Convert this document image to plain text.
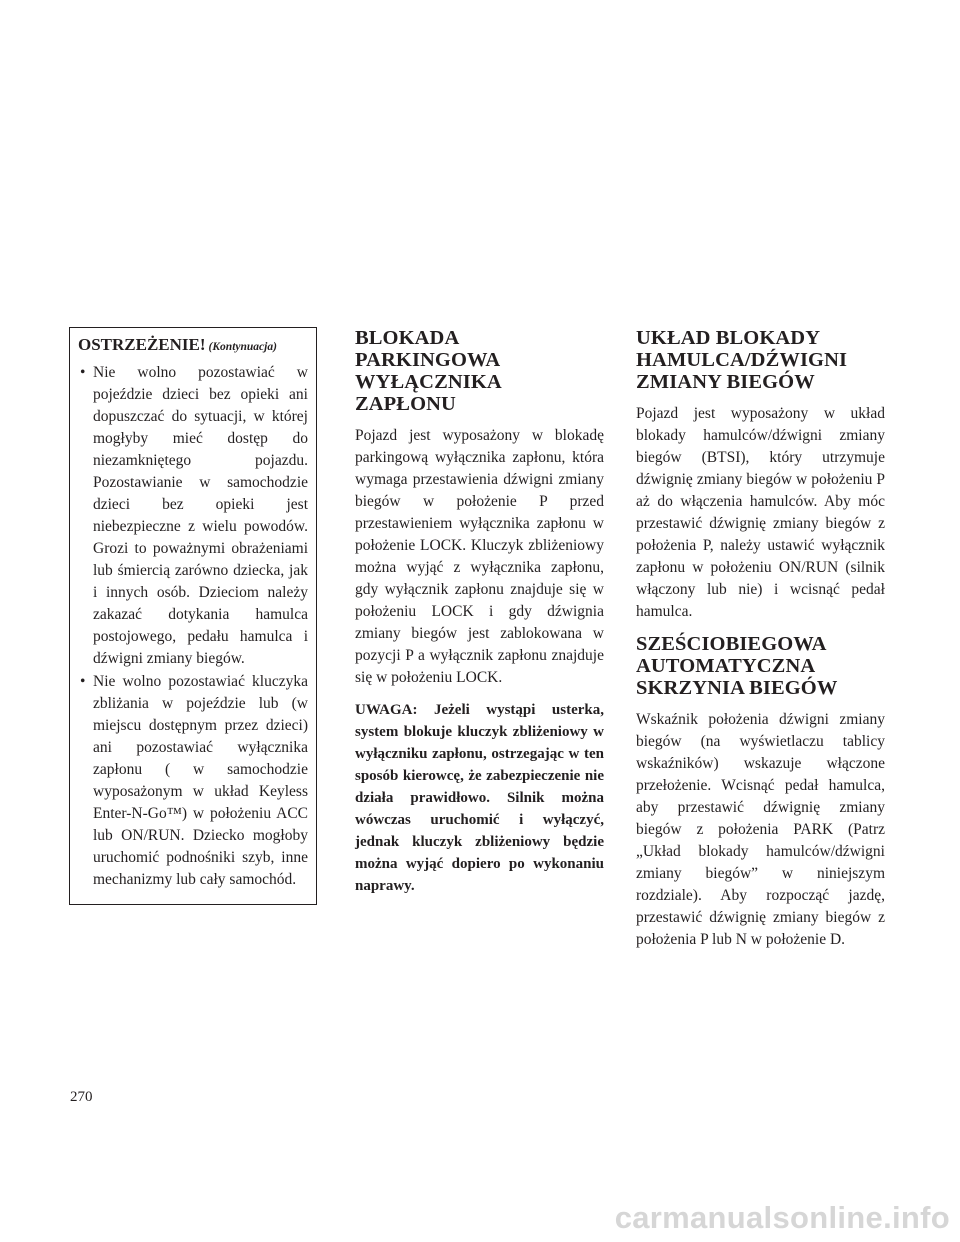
OSTRZEŻENIE! (Kontynuacja)
• Nie wolno pozostawiać w pojeździe dzieci bez opieki ani dopuszczać do sytuacji, w której mogłyby mieć dostęp do niezamkniętego pojazdu. Pozostawianie w samochodzie dzieci bez opieki jest niebezpieczne z wielu powodów. Grozi to poważnymi obrażeniami lub śmiercią zarówno dziecka, jak i innych osób. Dzieciom należy zakazać dotykania hamulca postojowego, pedału hamulca i dźwigni zmiany biegów.
• Nie wolno pozostawiać kluczyka zbliżania w pojeździe lub (w miejscu dostępnym przez dzieci) ani pozostawiać wyłącznika zapłonu ( w samochodzie wyposażonym w układ Keyless Enter-N-Go™) w położeniu ACC lub ON/RUN. Dziecko mogłoby uruchomić podnośniki szyb, inne mechanizmy lub cały samochód.
BLOKADA PARKINGOWA WYŁĄCZNIKA ZAPŁONU

Pojazd jest wyposażony w blokadę parkingową wyłącznika zapłonu, która wymaga przestawienia dźwigni zmiany biegów w położenie P przed przestawieniem wyłącznika zapłonu w położenie LOCK. Kluczyk zbliżeniowy można wyjąć z wyłącznika zapłonu, gdy wyłącznik zapłonu znajduje się w położeniu LOCK i gdy dźwignia zmiany biegów jest zablokowana w pozycji P a wyłącznik zapłonu znajduje się w położeniu LOCK.

UWAGA: Jeżeli wystąpi usterka, system blokuje kluczyk zbliżeniowy w wyłączniku zapłonu, ostrzegając w ten sposób kierowcę, że zabezpieczenie nie działa prawidłowo. Silnik można wówczas uruchomić i wyłączyć, jednak kluczyk zbliżeniowy będzie można wyjąć dopiero po wykonaniu naprawy.

UKŁAD BLOKADY HAMULCA/DŹWIGNI ZMIANY BIEGÓW

Pojazd jest wyposażony w układ blokady hamulców/dźwigni zmiany biegów (BTSI), który utrzymuje dźwignię zmiany biegów w położeniu P aż do włączenia hamulców. Aby móc przestawić dźwignię zmiany biegów z położenia P, należy ustawić wyłącznik zapłonu w położeniu ON/RUN (silnik włączony lub nie) i wcisnąć pedał hamulca.

SZEŚCIOBIEGOWA AUTOMATYCZNA SKRZYNIA BIEGÓW

Wskaźnik położenia dźwigni zmiany biegów (na wyświetlaczu tablicy wskaźników) wskazuje włączone przełożenie. Wcisnąć pedał hamulca, aby przestawić dźwignię zmiany biegów z położenia PARK (Patrz „Układ blokady hamulców/dźwigni zmiany biegów” w niniejszym rozdziale). Aby rozpocząć jazdę, przestawić dźwignię zmiany biegów z położenia P lub N w położenie D.

270
carmanualsonline.info
